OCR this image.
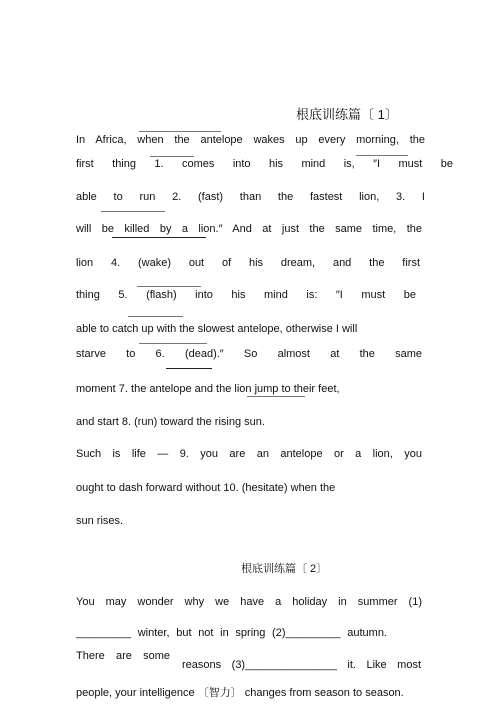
根底训练篇〔 1〕
In Africa, when the antelope wakes up every morning, the
first thing 1. comes into his mind is, ″I must be
able to run 2. (fast) than the fastest lion, 3. I
will be killed by a lion.″ And at just the same time, the
lion 4. (wake) out of his dream, and the first
thing 5. (flash) into his mind is: ″I must be
able to catch up with the slowest antelope, otherwise I will
starve to 6. (dead).″ So almost at the same
moment 7. the antelope and the lion jump to their feet,
and start 8. (run) toward the rising sun.
Such is life — 9. you are an antelope or a lion, you
ought to dash forward without 10. (hesitate) when the
sun rises.
根底训练篇〔 2〕
You may wonder why we have a holiday in summer (1)
_________ winter, but not in spring (2)_________ autumn.
There are some
reasons (3)_______________ it. Like most
people, your intelligence 〔智力〕 changes from season to season.
